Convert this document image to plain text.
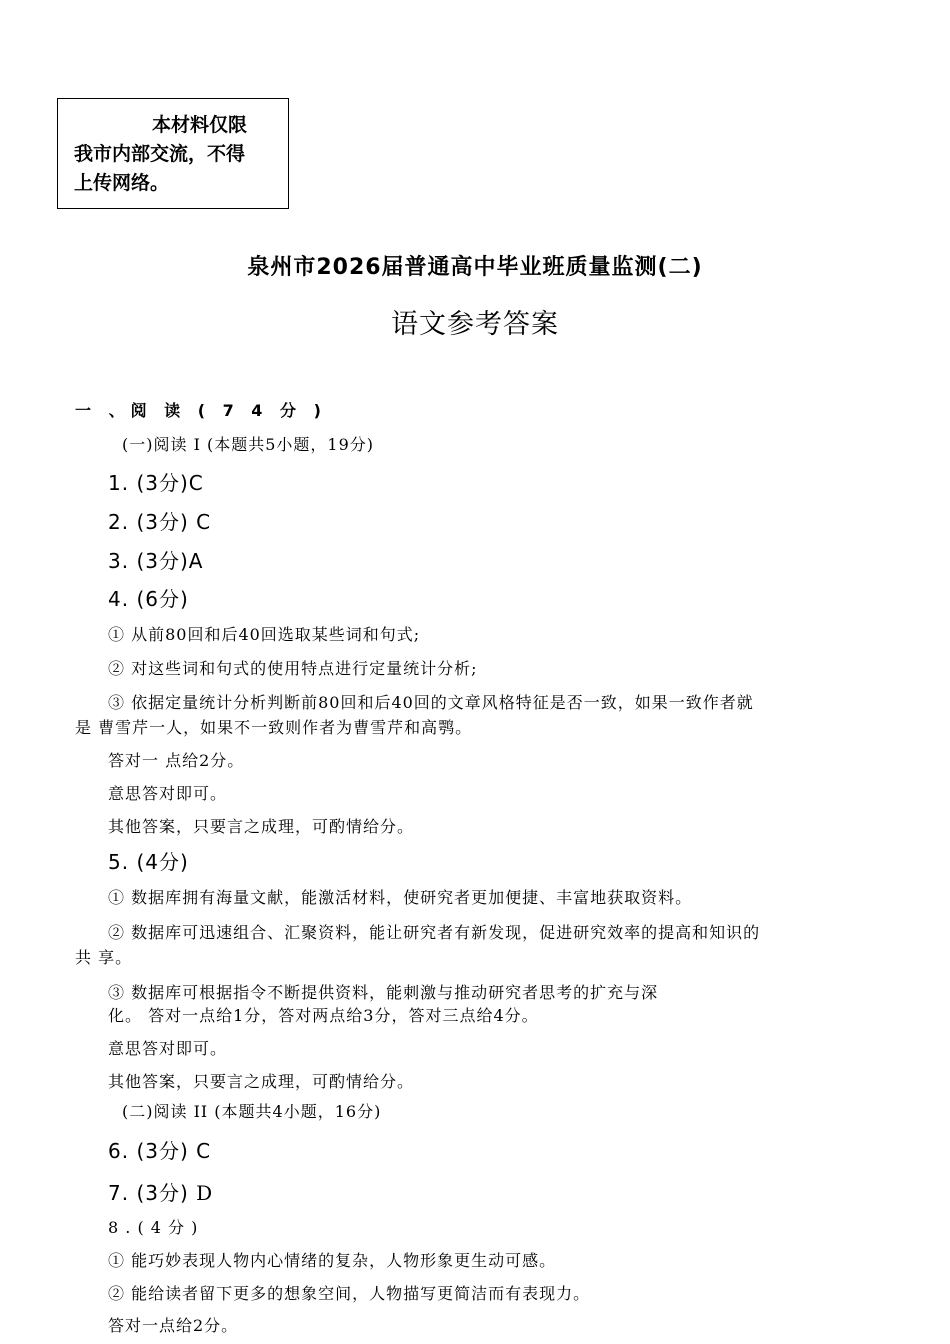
本材料仅限
我市内部交流，不得
上传网络。
泉州市2026届普通高中毕业班质量监测(二)
语文参考答案
一 、阅 读 ( 7 4 分 )
(一)阅读 I (本题共5小题，19分)
1. (3分)C
2. (3分) C
3. (3分)A
4. (6分)
① 从前80回和后40回选取某些词和句式;
② 对这些词和句式的使用特点进行定量统计分析;
③ 依据定量统计分析判断前80回和后40回的文章风格特征是否一致，如果一致作者就
是 曹雪芹一人，如果不一致则作者为曹雪芹和高鹗。
答对一 点给2分。
意思答对即可。
其他答案，只要言之成理，可酌情给分。
5. (4分)
① 数据库拥有海量文献，能激活材料，使研究者更加便捷、丰富地获取资料。
② 数据库可迅速组合、汇聚资料，能让研究者有新发现，促进研究效率的提高和知识的
共 享。
③ 数据库可根据指令不断提供资料，能刺激与推动研究者思考的扩充与深
化。 答对一点给1分，答对两点给3分，答对三点给4分。
意思答对即可。
其他答案，只要言之成理，可酌情给分。
(二)阅读 II (本题共4小题，16分)
6. (3分) C
7. (3分) D
8 . ( 4 分 )
① 能巧妙表现人物内心情绪的复杂，人物形象更生动可感。
② 能给读者留下更多的想象空间，人物描写更简洁而有表现力。
答对一点给2分。
